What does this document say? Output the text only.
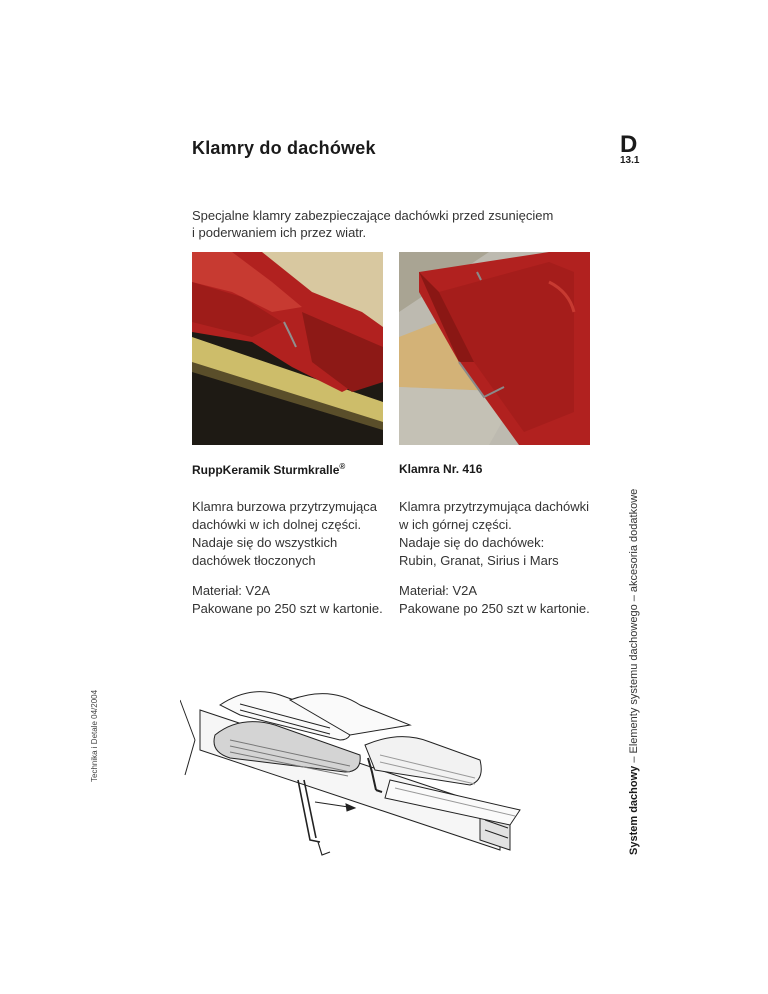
Klamry do dachówek	D
13.1
Specjalne klamry zabezpieczające dachówki przed zsunięciem
i poderwaniem ich przez wiatr.
RuppKeramik Sturmkralle®	Klamra Nr. 416
Klamra burzowa przytrzymująca
dachówki w ich dolnej części.
Nadaje się do wszystkich
dachówek tłoczonych
Klamra przytrzymująca dachówki
w ich górnej części.
Nadaje się do dachówek:
Rubin, Granat, Sirius i Mars
Materiał: V2A
Pakowane po 250 szt w kartonie.
Materiał: V2A
Pakowane po 250 szt w kartonie.
System dachowy – Elementy systemu dachowego – akcesoria dodatkowe
Technika i Detale 04/2004
